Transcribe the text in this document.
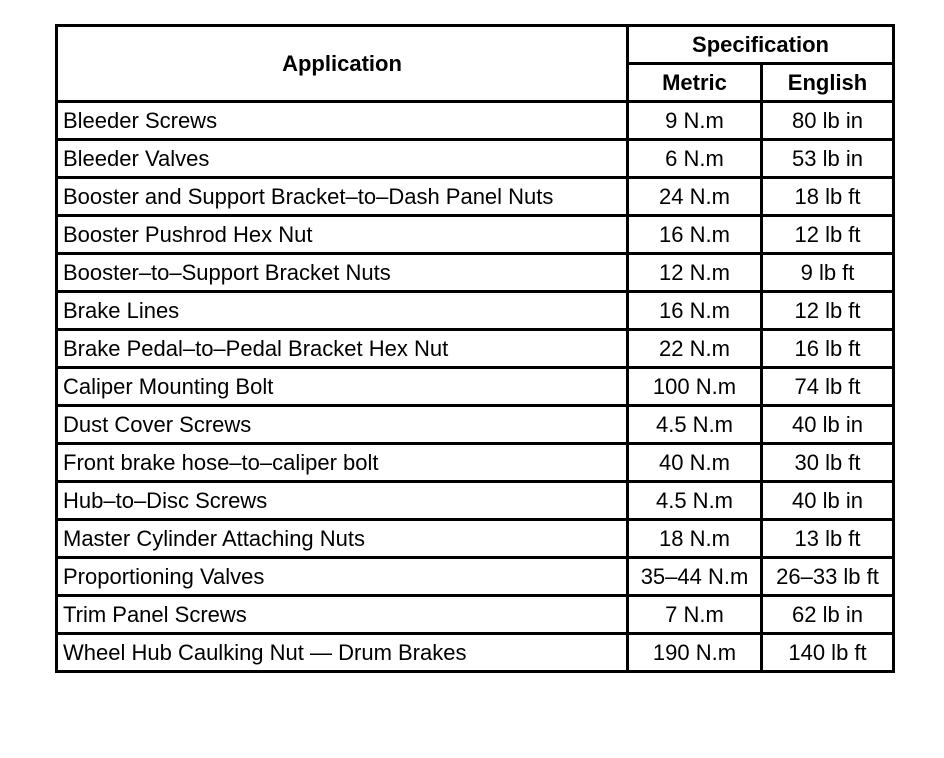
Application	Specification	
	Metric	English
Bleeder Screws	9 N.m	80 lb in
Bleeder Valves	6 N.m	53 lb in
Booster and Support Bracket–to–Dash Panel Nuts	24 N.m	18 lb ft
Booster Pushrod Hex Nut	16 N.m	12 lb ft
Booster–to–Support Bracket Nuts	12 N.m	9 lb ft
Brake Lines	16 N.m	12 lb ft
Brake Pedal–to–Pedal Bracket Hex Nut	22 N.m	16 lb ft
Caliper Mounting Bolt	100 N.m	74 lb ft
Dust Cover Screws	4.5 N.m	40 lb in
Front brake hose–to–caliper bolt	40 N.m	30 lb ft
Hub–to–Disc Screws	4.5 N.m	40 lb in
Master Cylinder Attaching Nuts	18 N.m	13 lb ft
Proportioning Valves	35–44 N.m	26–33 lb ft
Trim Panel Screws	7 N.m	62 lb in
Wheel Hub Caulking Nut — Drum Brakes	190 N.m	140 lb ft
